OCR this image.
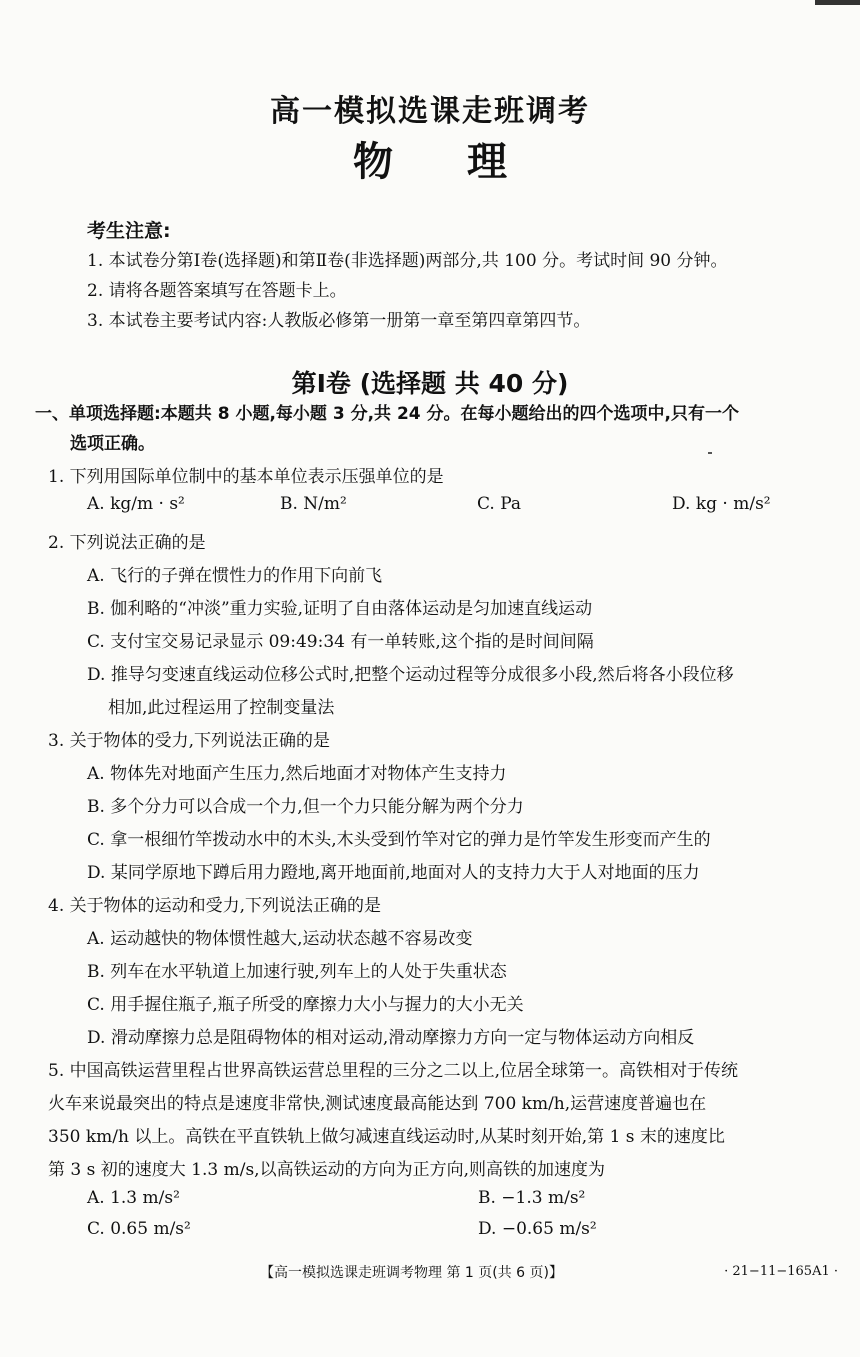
高一模拟选课走班调考
物 理
考生注意:
1. 本试卷分第Ⅰ卷(选择题)和第Ⅱ卷(非选择题)两部分,共 100 分。考试时间 90 分钟。
2. 请将各题答案填写在答题卡上。
3. 本试卷主要考试内容:人教版必修第一册第一章至第四章第四节。
第Ⅰ卷 (选择题 共 40 分)
一、单项选择题:本题共 8 小题,每小题 3 分,共 24 分。在每小题给出的四个选项中,只有一个
选项正确。
1. 下列用国际单位制中的基本单位表示压强单位的是
A. kg/m · s²	B. N/m²	C. Pa	D. kg · m/s²
2. 下列说法正确的是
A. 飞行的子弹在惯性力的作用下向前飞
B. 伽利略的“冲淡”重力实验,证明了自由落体运动是匀加速直线运动
C. 支付宝交易记录显示 09:49:34 有一单转账,这个指的是时间间隔
D. 推导匀变速直线运动位移公式时,把整个运动过程等分成很多小段,然后将各小段位移
相加,此过程运用了控制变量法
3. 关于物体的受力,下列说法正确的是
A. 物体先对地面产生压力,然后地面才对物体产生支持力
B. 多个分力可以合成一个力,但一个力只能分解为两个分力
C. 拿一根细竹竿拨动水中的木头,木头受到竹竿对它的弹力是竹竿发生形变而产生的
D. 某同学原地下蹲后用力蹬地,离开地面前,地面对人的支持力大于人对地面的压力
4. 关于物体的运动和受力,下列说法正确的是
A. 运动越快的物体惯性越大,运动状态越不容易改变
B. 列车在水平轨道上加速行驶,列车上的人处于失重状态
C. 用手握住瓶子,瓶子所受的摩擦力大小与握力的大小无关
D. 滑动摩擦力总是阻碍物体的相对运动,滑动摩擦力方向一定与物体运动方向相反
5. 中国高铁运营里程占世界高铁运营总里程的三分之二以上,位居全球第一。高铁相对于传统
火车来说最突出的特点是速度非常快,测试速度最高能达到 700 km/h,运营速度普遍也在
350 km/h 以上。高铁在平直铁轨上做匀减速直线运动时,从某时刻开始,第 1 s 末的速度比
第 3 s 初的速度大 1.3 m/s,以高铁运动的方向为正方向,则高铁的加速度为
A. 1.3 m/s²	B. −1.3 m/s²
C. 0.65 m/s²	D. −0.65 m/s²
【高一模拟选课走班调考物理 第 1 页(共 6 页)】	· 21−11−165A1 ·
